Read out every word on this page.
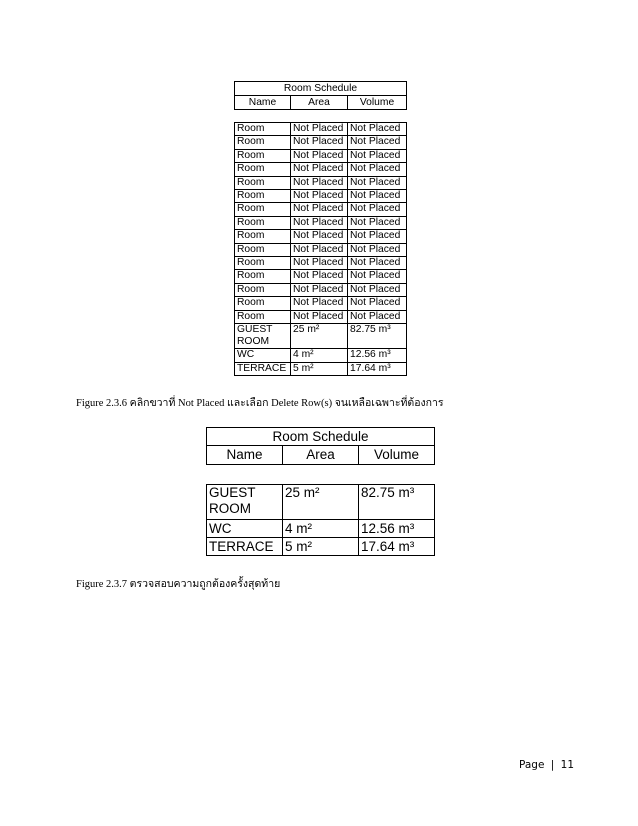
Room Schedule		
Name	Area	Volume

Room	Not Placed	Not Placed
Room	Not Placed	Not Placed
Room	Not Placed	Not Placed
Room	Not Placed	Not Placed
Room	Not Placed	Not Placed
Room	Not Placed	Not Placed
Room	Not Placed	Not Placed
Room	Not Placed	Not Placed
Room	Not Placed	Not Placed
Room	Not Placed	Not Placed
Room	Not Placed	Not Placed
Room	Not Placed	Not Placed
Room	Not Placed	Not Placed
Room	Not Placed	Not Placed
Room	Not Placed	Not Placed
GUEST ROOM	25 m²	82.75 m³
WC	4 m²	12.56 m³
TERRACE	5 m²	17.64 m³
Figure 2.3.6 คลิกขวาที่ Not Placed และเลือก Delete Row(s) จนเหลือเฉพาะที่ต้องการ
Room Schedule		
Name	Area	Volume

GUEST ROOM	25 m²	82.75 m³
WC	4 m²	12.56 m³
TERRACE	5 m²	17.64 m³
Figure 2.3.7 ตรวจสอบความถูกต้องครั้งสุดท้าย
Page | 11
